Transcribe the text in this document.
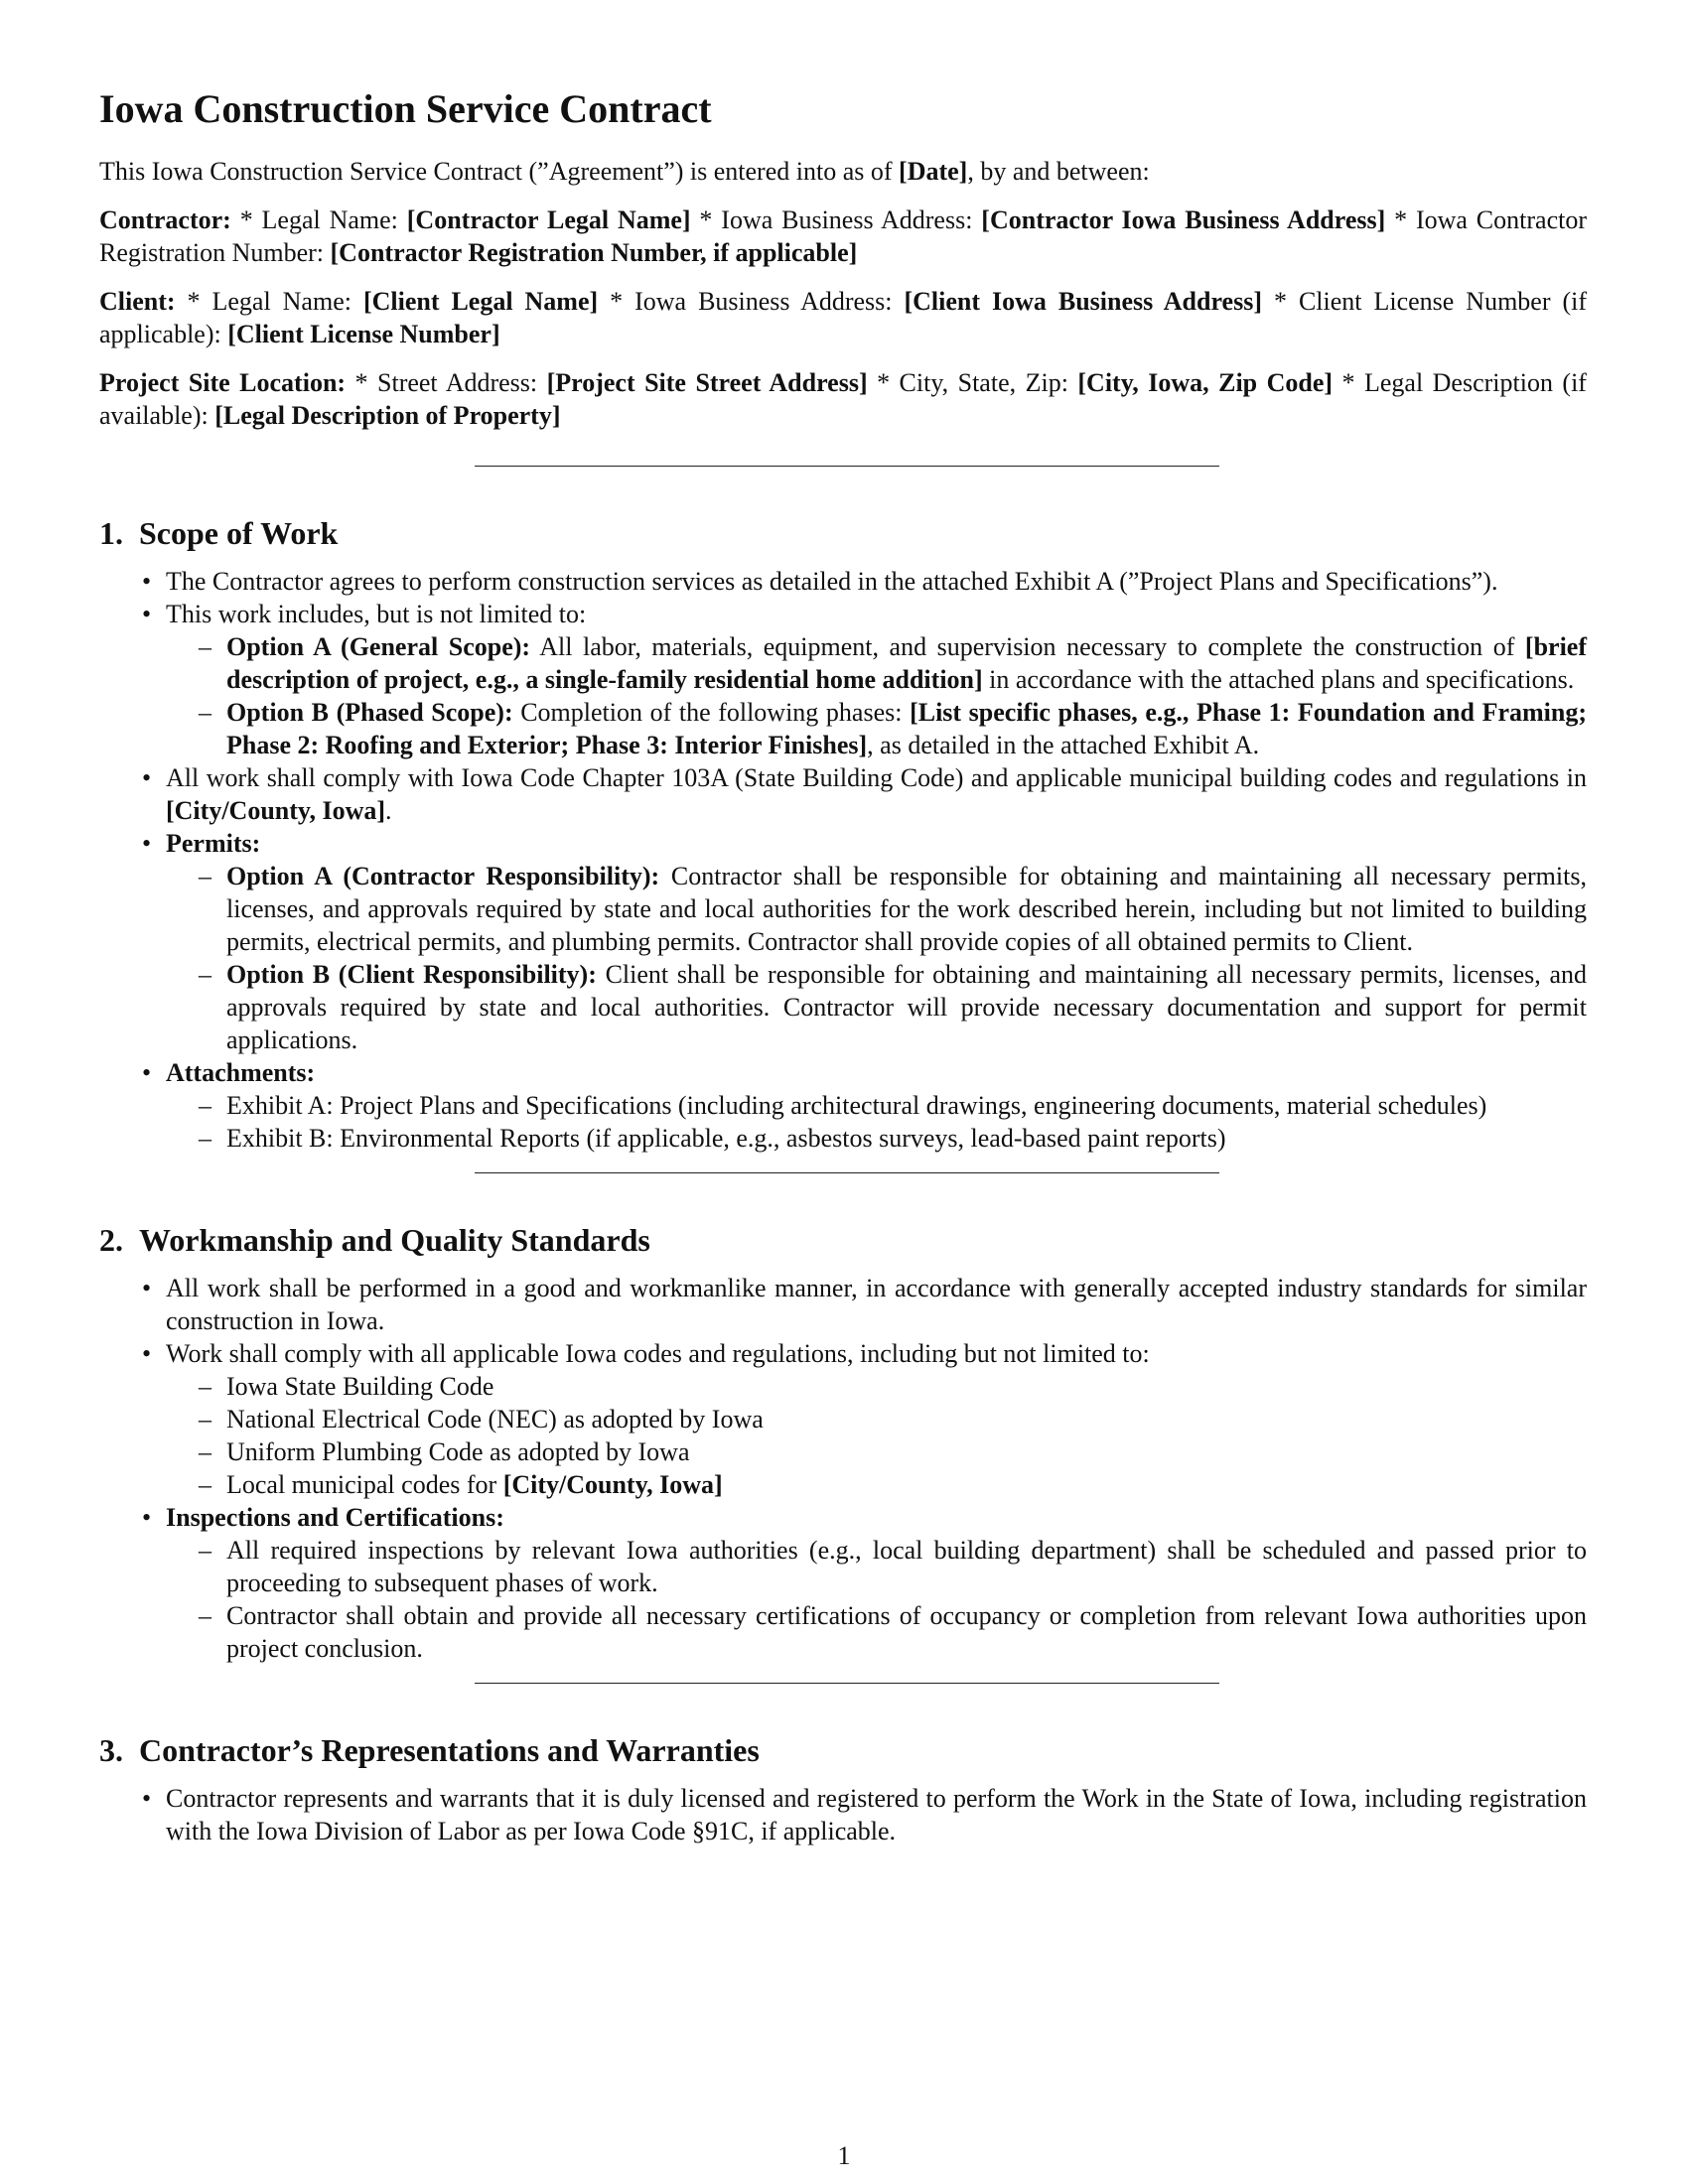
Iowa Construction Service Contract

This Iowa Construction Service Contract (”Agreement”) is entered into as of [Date], by and between:

Contractor: * Legal Name: [Contractor Legal Name] * Iowa Business Address: [Contractor Iowa Business Address] * Iowa Contractor Registration Number: [Contractor Registration Number, if applicable]

Client: * Legal Name: [Client Legal Name] * Iowa Business Address: [Client Iowa Business Address] * Client License Number (if applicable): [Client License Number]

Project Site Location: * Street Address: [Project Site Street Address] * City, State, Zip: [City, Iowa, Zip Code] * Legal Description (if available): [Legal Description of Property]

1. Scope of Work
• The Contractor agrees to perform construction services as detailed in the attached Exhibit A (”Project Plans and Specifications”).
• This work includes, but is not limited to:
– Option A (General Scope): All labor, materials, equipment, and supervision necessary to complete the construction of [brief description of project, e.g., a single-family residential home addition] in accordance with the attached plans and specifications.
– Option B (Phased Scope): Completion of the following phases: [List specific phases, e.g., Phase 1: Foundation and Framing; Phase 2: Roofing and Exterior; Phase 3: Interior Finishes], as detailed in the attached Exhibit A.
• All work shall comply with Iowa Code Chapter 103A (State Building Code) and applicable municipal building codes and regulations in [City/County, Iowa].
• Permits:
– Option A (Contractor Responsibility): Contractor shall be responsible for obtaining and maintaining all necessary permits, licenses, and approvals required by state and local authorities for the work described herein, including but not limited to building permits, electrical permits, and plumbing permits. Contractor shall provide copies of all obtained permits to Client.
– Option B (Client Responsibility): Client shall be responsible for obtaining and maintaining all necessary permits, licenses, and approvals required by state and local authorities. Contractor will provide necessary documentation and support for permit applications.
• Attachments:
– Exhibit A: Project Plans and Specifications (including architectural drawings, engineering documents, material schedules)
– Exhibit B: Environmental Reports (if applicable, e.g., asbestos surveys, lead-based paint reports)
2. Workmanship and Quality Standards
• All work shall be performed in a good and workmanlike manner, in accordance with generally accepted industry standards for similar construction in Iowa.
• Work shall comply with all applicable Iowa codes and regulations, including but not limited to:
– Iowa State Building Code
– National Electrical Code (NEC) as adopted by Iowa
– Uniform Plumbing Code as adopted by Iowa
– Local municipal codes for [City/County, Iowa]
• Inspections and Certifications:
– All required inspections by relevant Iowa authorities (e.g., local building department) shall be scheduled and passed prior to proceeding to subsequent phases of work.
– Contractor shall obtain and provide all necessary certifications of occupancy or completion from relevant Iowa authorities upon project conclusion.
3. Contractor’s Representations and Warranties
• Contractor represents and warrants that it is duly licensed and registered to perform the Work in the State of Iowa, including registration with the Iowa Division of Labor as per Iowa Code §91C, if applicable.
1
